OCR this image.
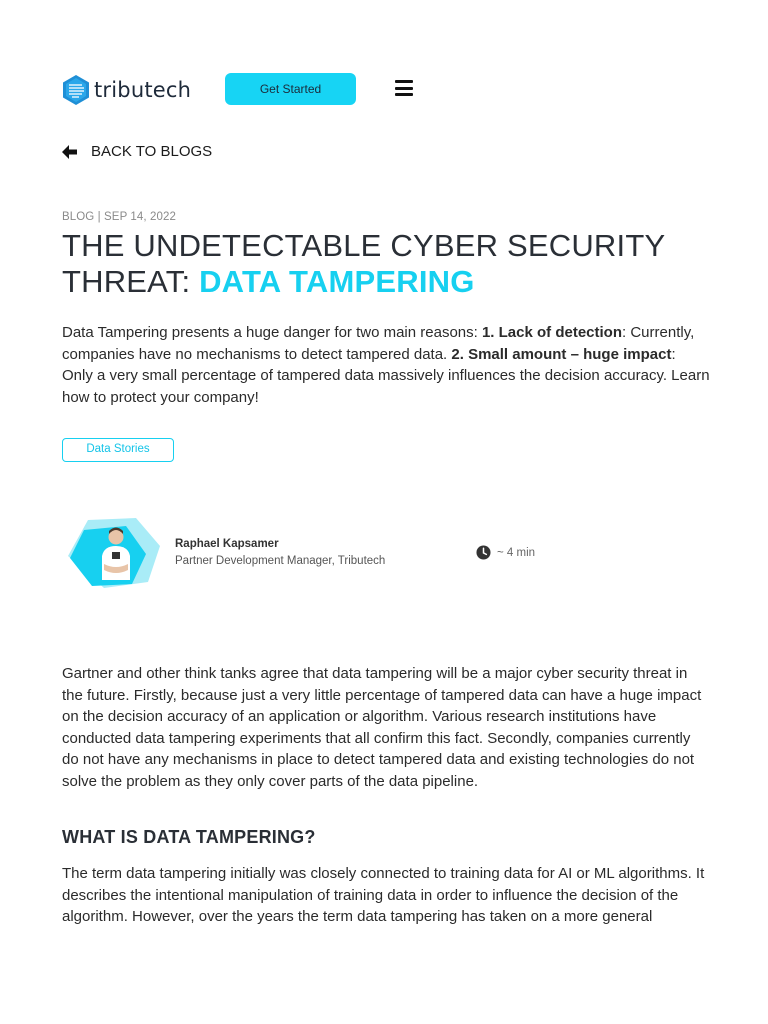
tributech	Get Started
BACK TO BLOGS
BLOG | SEP 14, 2022
THE UNDETECTABLE CYBER SECURITY THREAT: DATA TAMPERING

Data Tampering presents a huge danger for two main reasons: 1. Lack of detection: Currently, companies have no mechanisms to detect tampered data. 2. Small amount – huge impact: Only a very small percentage of tampered data massively influences the decision accuracy. Learn how to protect your company!

Data Stories
Raphael Kapsamer
Partner Development Manager, Tributech
~ 4 min

Gartner and other think tanks agree that data tampering will be a major cyber security threat in the future. Firstly, because just a very little percentage of tampered data can have a huge impact on the decision accuracy of an application or algorithm. Various research institutions have conducted data tampering experiments that all confirm this fact. Secondly, companies currently do not have any mechanisms in place to detect tampered data and existing technologies do not solve the problem as they only cover parts of the data pipeline.

WHAT IS DATA TAMPERING?

The term data tampering initially was closely connected to training data for AI or ML algorithms. It describes the intentional manipulation of training data in order to influence the decision of the algorithm. However, over the years the term data tampering has taken on a more general
